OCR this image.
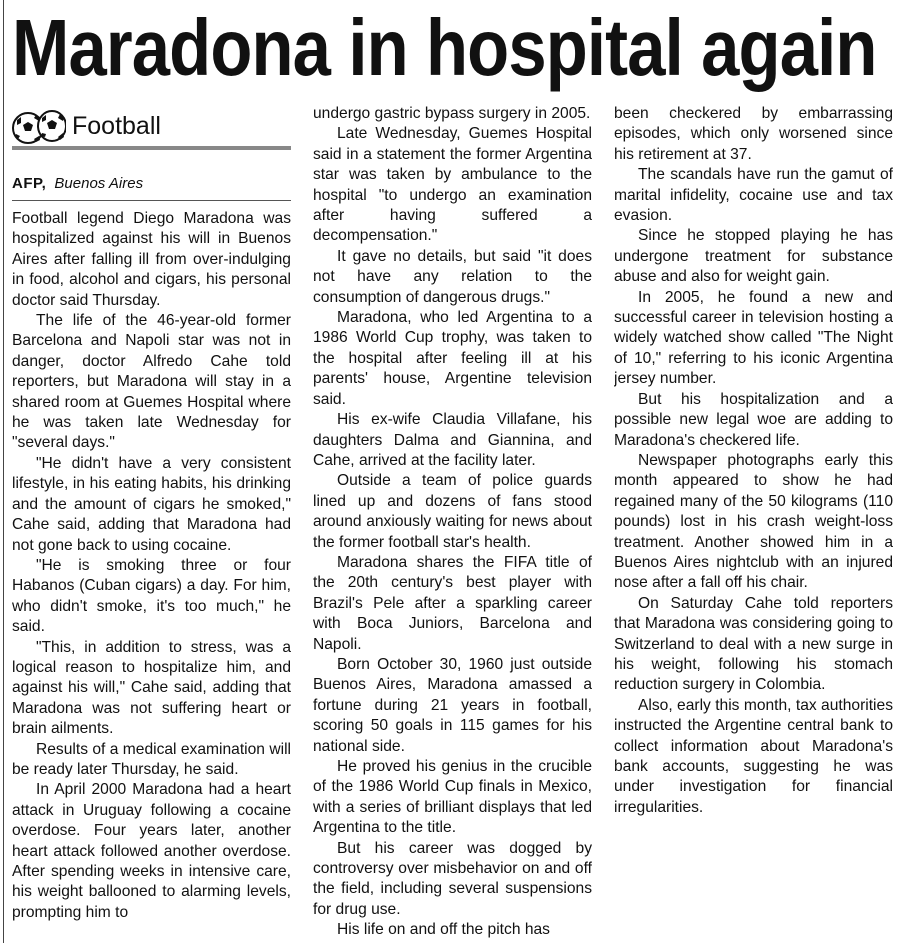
Maradona in hospital again
Football
AFP, Buenos Aires

Football legend Diego Maradona was hospitalized against his will in Buenos Aires after falling ill from over-indulging in food, alcohol and cigars, his personal doctor said Thursday.

The life of the 46-year-old former Barcelona and Napoli star was not in danger, doctor Alfredo Cahe told reporters, but Maradona will stay in a shared room at Guemes Hospital where he was taken late Wednesday for "several days."

"He didn't have a very consistent lifestyle, in his eating habits, his drinking and the amount of cigars he smoked," Cahe said, adding that Maradona had not gone back to using cocaine.

"He is smoking three or four Habanos (Cuban cigars) a day. For him, who didn't smoke, it's too much," he said.

"This, in addition to stress, was a logical reason to hospitalize him, and against his will," Cahe said, adding that Maradona was not suffering heart or brain ailments.

Results of a medical examination will be ready later Thursday, he said.

In April 2000 Maradona had a heart attack in Uruguay following a cocaine overdose. Four years later, another heart attack followed another overdose. After spending weeks in intensive care, his weight ballooned to alarming levels, prompting him to

undergo gastric bypass surgery in 2005.

Late Wednesday, Guemes Hospital said in a statement the former Argentina star was taken by ambulance to the hospital "to undergo an examination after having suffered a decompensation."

It gave no details, but said "it does not have any relation to the consumption of dangerous drugs."

Maradona, who led Argentina to a 1986 World Cup trophy, was taken to the hospital after feeling ill at his parents' house, Argentine television said.

His ex-wife Claudia Villafane, his daughters Dalma and Giannina, and Cahe, arrived at the facility later.

Outside a team of police guards lined up and dozens of fans stood around anxiously waiting for news about the former football star's health.

Maradona shares the FIFA title of the 20th century's best player with Brazil's Pele after a sparkling career with Boca Juniors, Barcelona and Napoli.

Born October 30, 1960 just outside Buenos Aires, Maradona amassed a fortune during 21 years in football, scoring 50 goals in 115 games for his national side.

He proved his genius in the crucible of the 1986 World Cup finals in Mexico, with a series of brilliant displays that led Argentina to the title.

But his career was dogged by controversy over misbehavior on and off the field, including several suspensions for drug use.

His life on and off the pitch has

been checkered by embarrassing episodes, which only worsened since his retirement at 37.

The scandals have run the gamut of marital infidelity, cocaine use and tax evasion.

Since he stopped playing he has undergone treatment for substance abuse and also for weight gain.

In 2005, he found a new and successful career in television hosting a widely watched show called "The Night of 10," referring to his iconic Argentina jersey number.

But his hospitalization and a possible new legal woe are adding to Maradona's checkered life.

Newspaper photographs early this month appeared to show he had regained many of the 50 kilograms (110 pounds) lost in his crash weight-loss treatment. Another showed him in a Buenos Aires nightclub with an injured nose after a fall off his chair.

On Saturday Cahe told reporters that Maradona was considering going to Switzerland to deal with a new surge in his weight, following his stomach reduction surgery in Colombia.

Also, early this month, tax authorities instructed the Argentine central bank to collect information about Maradona's bank accounts, suggesting he was under investigation for financial irregularities.
